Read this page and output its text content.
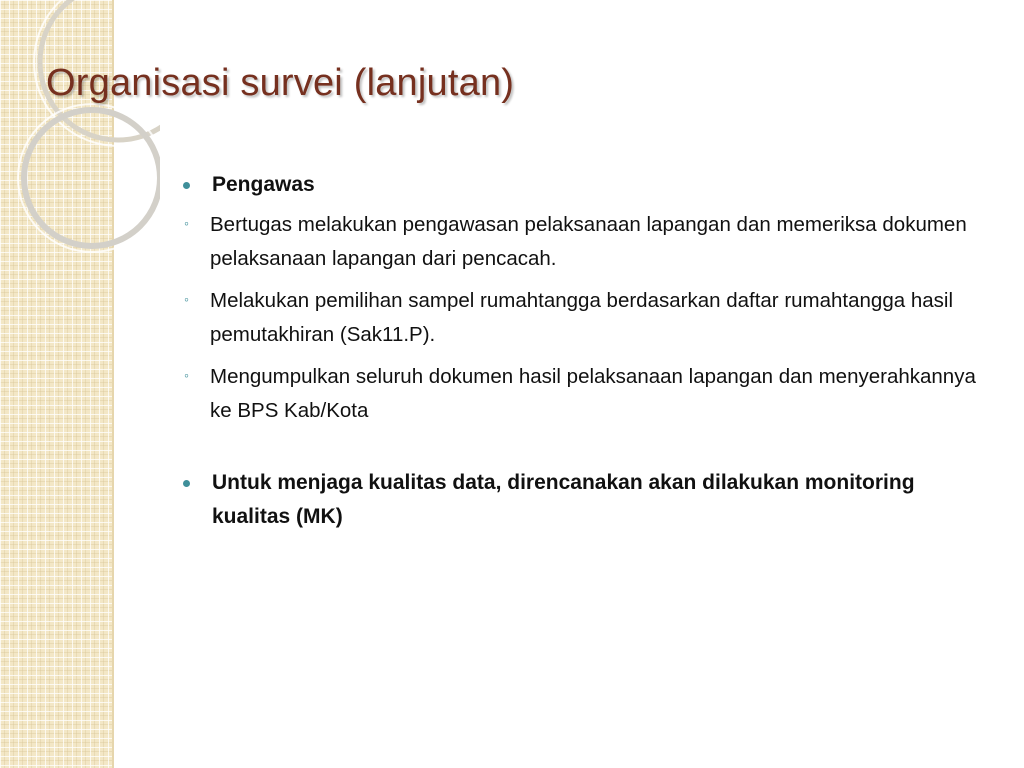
Organisasi survei (lanjutan)
Pengawas
◦ Bertugas melakukan pengawasan pelaksanaan lapangan dan memeriksa dokumen pelaksanaan lapangan dari pencacah.
◦ Melakukan pemilihan sampel rumahtangga berdasarkan daftar rumahtangga hasil pemutakhiran (Sak11.P).
◦ Mengumpulkan seluruh dokumen hasil pelaksanaan lapangan dan menyerahkannya ke BPS Kab/Kota
Untuk menjaga kualitas data, direncanakan akan dilakukan monitoring kualitas (MK)
